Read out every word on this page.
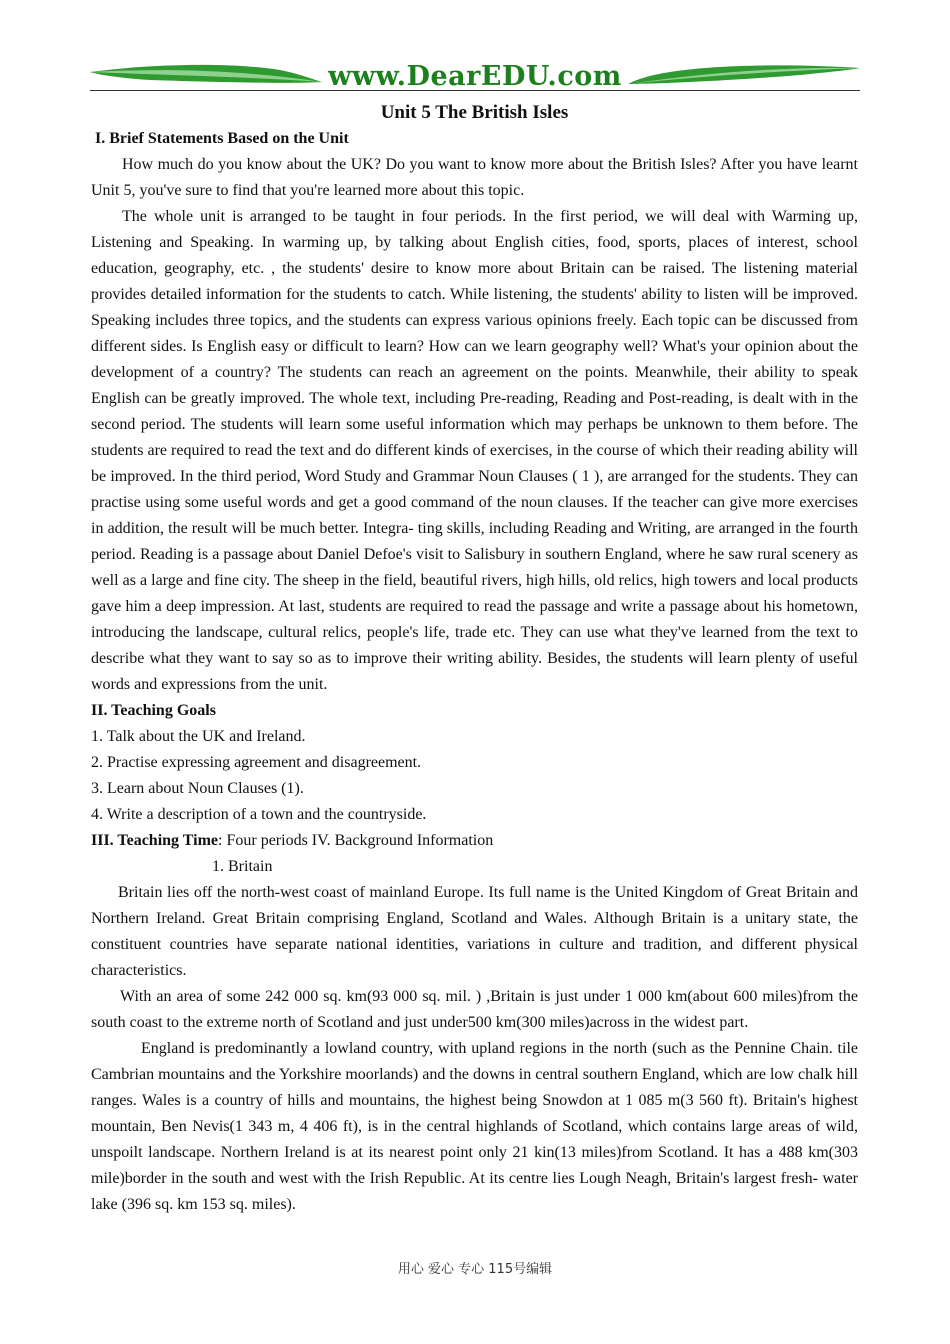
www.DearEDU.com

Unit 5 The British Isles

I. Brief Statements Based on the Unit

How much do you know about the UK? Do you want to know more about the British Isles? After you have learnt Unit 5, you've sure to find that you're learned more about this topic.

The whole unit is arranged to be taught in four periods. In the first period, we will deal with Warming up, Listening and Speaking. In warming up, by talking about English cities, food, sports, places of interest, school education, geography, etc. , the students' desire to know more about Britain can be raised. The listening material provides detailed information for the students to catch. While listening, the students' ability to listen will be improved. Speaking includes three topics, and the students can express various opinions freely. Each topic can be discussed from different sides. Is English easy or difficult to learn? How can we learn geography well? What's your opinion about the development of a country? The students can reach an agreement on the points. Meanwhile, their ability to speak English can be greatly improved. The whole text, including Pre-reading, Reading and Post-reading, is dealt with in the second period. The students will learn some useful information which may perhaps be unknown to them before. The students are required to read the text and do different kinds of exercises, in the course of which their reading ability will be improved. In the third period, Word Study and Grammar Noun Clauses ( 1 ), are arranged for the students. They can practise using some useful words and get a good command of the noun clauses. If the teacher can give more exercises in addition, the result will be much better. Integra- ting skills, including Reading and Writing, are arranged in the fourth period. Reading is a passage about Daniel Defoe's visit to Salisbury in southern England, where he saw rural scenery as well as a large and fine city. The sheep in the field, beautiful rivers, high hills, old relics, high towers and local products gave him a deep impression. At last, students are required to read the passage and write a passage about his hometown, introducing the landscape, cultural relics, people's life, trade etc. They can use what they've learned from the text to describe what they want to say so as to improve their writing ability. Besides, the students will learn plenty of useful words and expressions from the unit.

II. Teaching Goals

1. Talk about the UK and Ireland.

2. Practise expressing agreement and disagreement.

3. Learn about Noun Clauses (1).

4. Write a description of a town and the countryside.

III. Teaching Time: Four periods IV. Background Information

1. Britain

Britain lies off the north-west coast of mainland Europe. Its full name is the United Kingdom of Great Britain and Northern Ireland. Great Britain comprising England, Scotland and Wales. Although Britain is a unitary state, the constituent countries have separate national identities, variations in culture and tradition, and different physical characteristics.

With an area of some 242 000 sq. km(93 000 sq. mil. ) ,Britain is just under 1 000 km(about 600 miles)from the south coast to the extreme north of Scotland and just under500 km(300 miles)across in the widest part.

England is predominantly a lowland country, with upland regions in the north (such as the Pennine Chain. tile Cambrian mountains and the Yorkshire moorlands) and the downs in central southern England, which are low chalk hill ranges. Wales is a country of hills and mountains, the highest being Snowdon at 1 085 m(3 560 ft). Britain's highest mountain, Ben Nevis(1 343 m, 4 406 ft), is in the central highlands of Scotland, which contains large areas of wild, unspoilt landscape. Northern Ireland is at its nearest point only 21 kin(13 miles)from Scotland. It has a 488 km(303 mile)border in the south and west with the Irish Republic. At its centre lies Lough Neagh, Britain's largest fresh- water lake (396 sq. km 153 sq. miles).

用心 爱心 专心 115号编辑
